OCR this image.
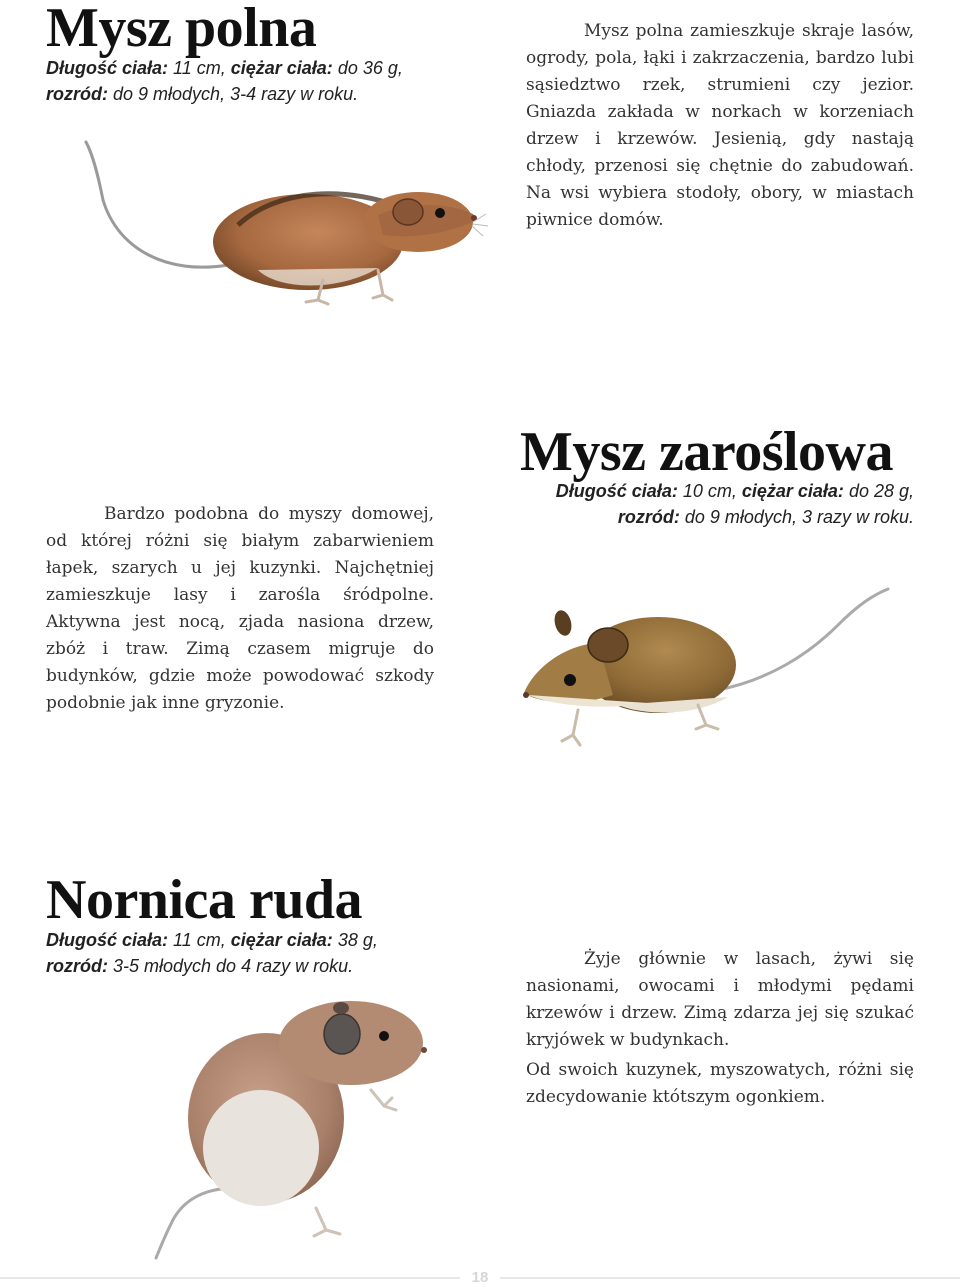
Mysz polna

Długość ciała: 11 cm, ciężar ciała: do 36 g,
rozród: do 9 młodych, 3-4 razy w roku.

Mysz polna zamieszkuje skraje lasów, ogrody, pola, łąki i zakrzaczenia, bardzo lubi sąsiedztwo rzek, strumieni czy jezior. Gniazda zakłada w norkach w korzeniach drzew i krzewów. Jesienią, gdy nastają chłody, przenosi się chętnie do zabudowań. Na wsi wybiera stodoły, obory, w miastach piwnice domów.

Mysz zaroślowa

Długość ciała: 10 cm, ciężar ciała: do 28 g,
rozród: do 9 młodych, 3 razy w roku.

Bardzo podobna do myszy domowej, od której różni się białym zabarwieniem łapek, szarych u jej kuzynki. Najchętniej zamieszkuje lasy i zarośla śródpolne. Aktywna jest nocą, zjada nasiona drzew, zbóż i traw. Zimą czasem migruje do budynków, gdzie może powodować szkody podobnie jak inne gryzonie.

Nornica ruda

Długość ciała: 11 cm, ciężar ciała: 38 g,
rozród: 3-5 młodych do 4 razy w roku.	Żyje głównie w lasach, żywi się nasionami, owocami i młodymi pędami krzewów i drzew. Zimą zdarza jej się szukać kryjówek w budynkach.

Od swoich kuzynek, myszowatych, różni się zdecydowanie któtszym ogonkiem.

18
